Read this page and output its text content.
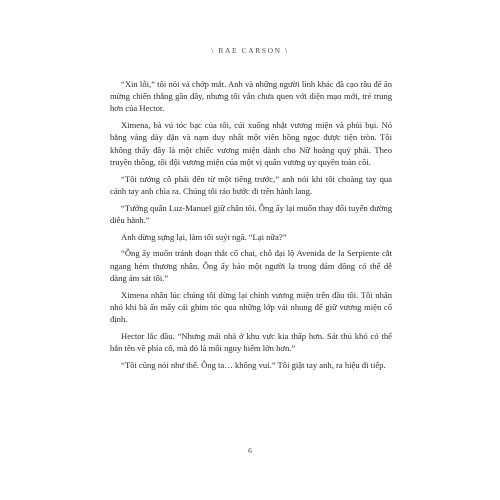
\ RAE CARSON \

“Xin lỗi,” tôi nói và chớp mắt. Anh và những người lính khác đã cạo râu để ăn mừng chiến thắng gần đây, nhưng tôi vẫn chưa quen với diện mạo mới, trẻ trung hơn của Hector.

Ximena, bà vú tóc bạc của tôi, cúi xuống nhặt vương miện và phủi bụi. Nó bằng vàng dày dặn và nạm duy nhất một viên hồng ngọc được tiện tròn. Tôi không thấy đây là một chiếc vương miện dành cho Nữ hoàng quý phái. Theo truyền thống, tôi đội vương miện của một vị quân vương uy quyền toàn cõi.

“Tôi tưởng cô phải đến từ một tiếng trước,” anh nói khi tôi choàng tay qua cánh tay anh chìa ra. Chúng tôi rảo bước đi trên hành lang.

“Tướng quân Luz-Manuel giữ chân tôi. Ông ấy lại muốn thay đổi tuyến đường diễu hành.”

Anh dừng sựng lại, làm tôi suýt ngã. “Lại nữa?”

“Ông ấy muốn tránh đoạn thắt cổ chai, chỗ đại lộ Avenida de la Serpiente cắt ngang hẻm thương nhân. Ông ấy bảo một người lạ trong đám đông có thể dễ dàng ám sát tôi.”

Ximena nhân lúc chúng tôi dừng lại chỉnh vương miện trên đầu tôi. Tôi nhăn nhó khi bà ấn mấy cái ghim tóc qua những lớp vải nhung để giữ vương miện cố định.

Hector lắc đầu. “Nhưng mái nhà ở khu vực kia thấp hơn. Sát thủ khó có thể bắn tên về phía cô, mà đó là mối nguy hiểm lớn hơn.”

“Tôi cũng nói như thế. Ông ta… không vui.” Tôi giật tay anh, ra hiệu đi tiếp.

6
